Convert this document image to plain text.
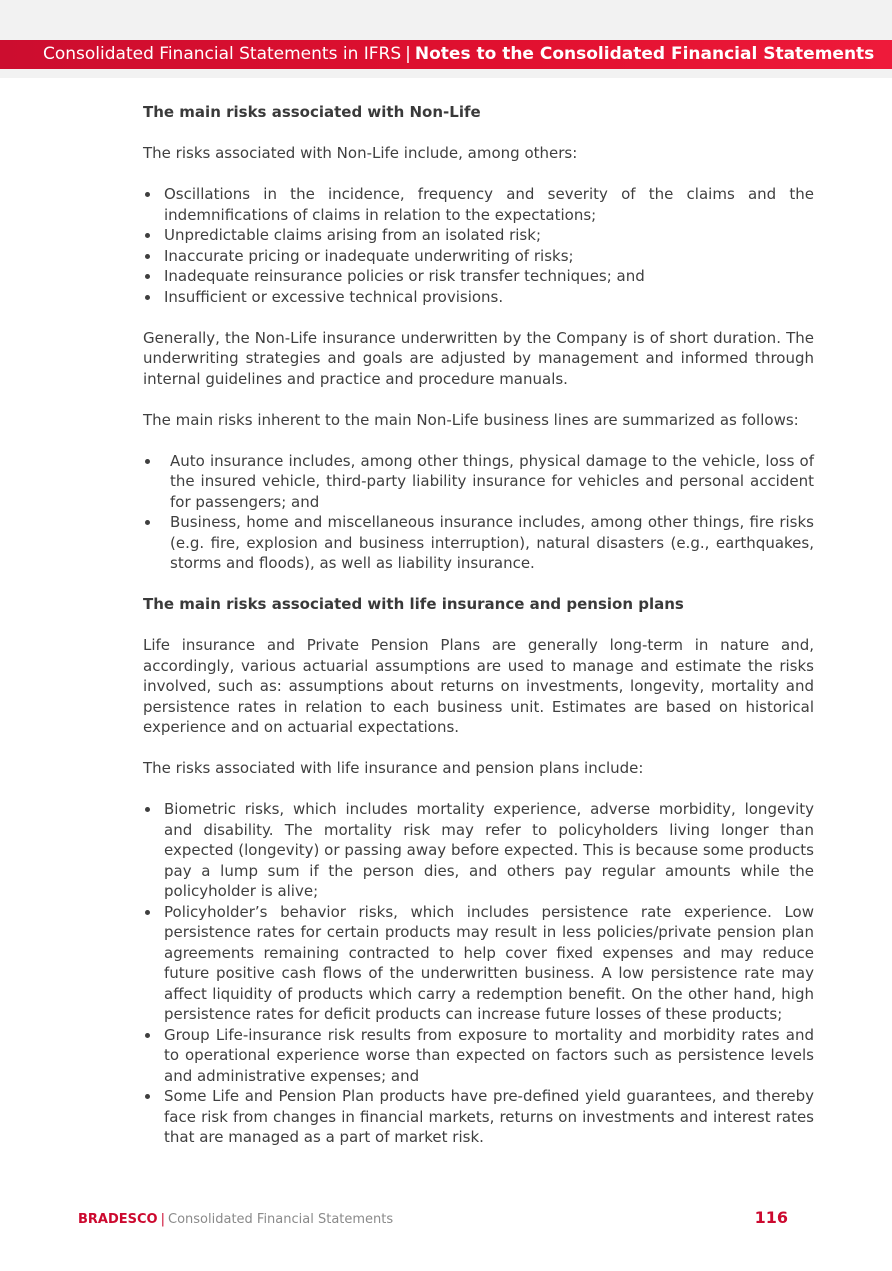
Consolidated Financial Statements in IFRS | Notes to the Consolidated Financial Statements
The main risks associated with Non-Life

The risks associated with Non-Life include, among others:

Oscillations in the incidence, frequency and severity of the claims and the indemnifications of claims in relation to the expectations;
Unpredictable claims arising from an isolated risk;
Inaccurate pricing or inadequate underwriting of risks;
Inadequate reinsurance policies or risk transfer techniques; and
Insufficient or excessive technical provisions.

Generally, the Non-Life insurance underwritten by the Company is of short duration. The underwriting strategies and goals are adjusted by management and informed through internal guidelines and practice and procedure manuals.

The main risks inherent to the main Non-Life business lines are summarized as follows:

Auto insurance includes, among other things, physical damage to the vehicle, loss of the insured vehicle, third-party liability insurance for vehicles and personal accident for passengers; and
Business, home and miscellaneous insurance includes, among other things, fire risks (e.g. fire, explosion and business interruption), natural disasters (e.g., earthquakes, storms and floods), as well as liability insurance.
The main risks associated with life insurance and pension plans

Life insurance and Private Pension Plans are generally long-term in nature and, accordingly, various actuarial assumptions are used to manage and estimate the risks involved, such as: assumptions about returns on investments, longevity, mortality and persistence rates in relation to each business unit. Estimates are based on historical experience and on actuarial expectations.

The risks associated with life insurance and pension plans include:

Biometric risks, which includes mortality experience, adverse morbidity, longevity and disability. The mortality risk may refer to policyholders living longer than expected (longevity) or passing away before expected. This is because some products pay a lump sum if the person dies, and others pay regular amounts while the policyholder is alive;
Policyholder’s behavior risks, which includes persistence rate experience. Low persistence rates for certain products may result in less policies/private pension plan agreements remaining contracted to help cover fixed expenses and may reduce future positive cash flows of the underwritten business. A low persistence rate may affect liquidity of products which carry a redemption benefit. On the other hand, high persistence rates for deficit products can increase future losses of these products;
Group Life-insurance risk results from exposure to mortality and morbidity rates and to operational experience worse than expected on factors such as persistence levels and administrative expenses; and
Some Life and Pension Plan products have pre-defined yield guarantees, and thereby face risk from changes in financial markets, returns on investments and interest rates that are managed as a part of market risk.
BRADESCO | Consolidated Financial Statements	116
